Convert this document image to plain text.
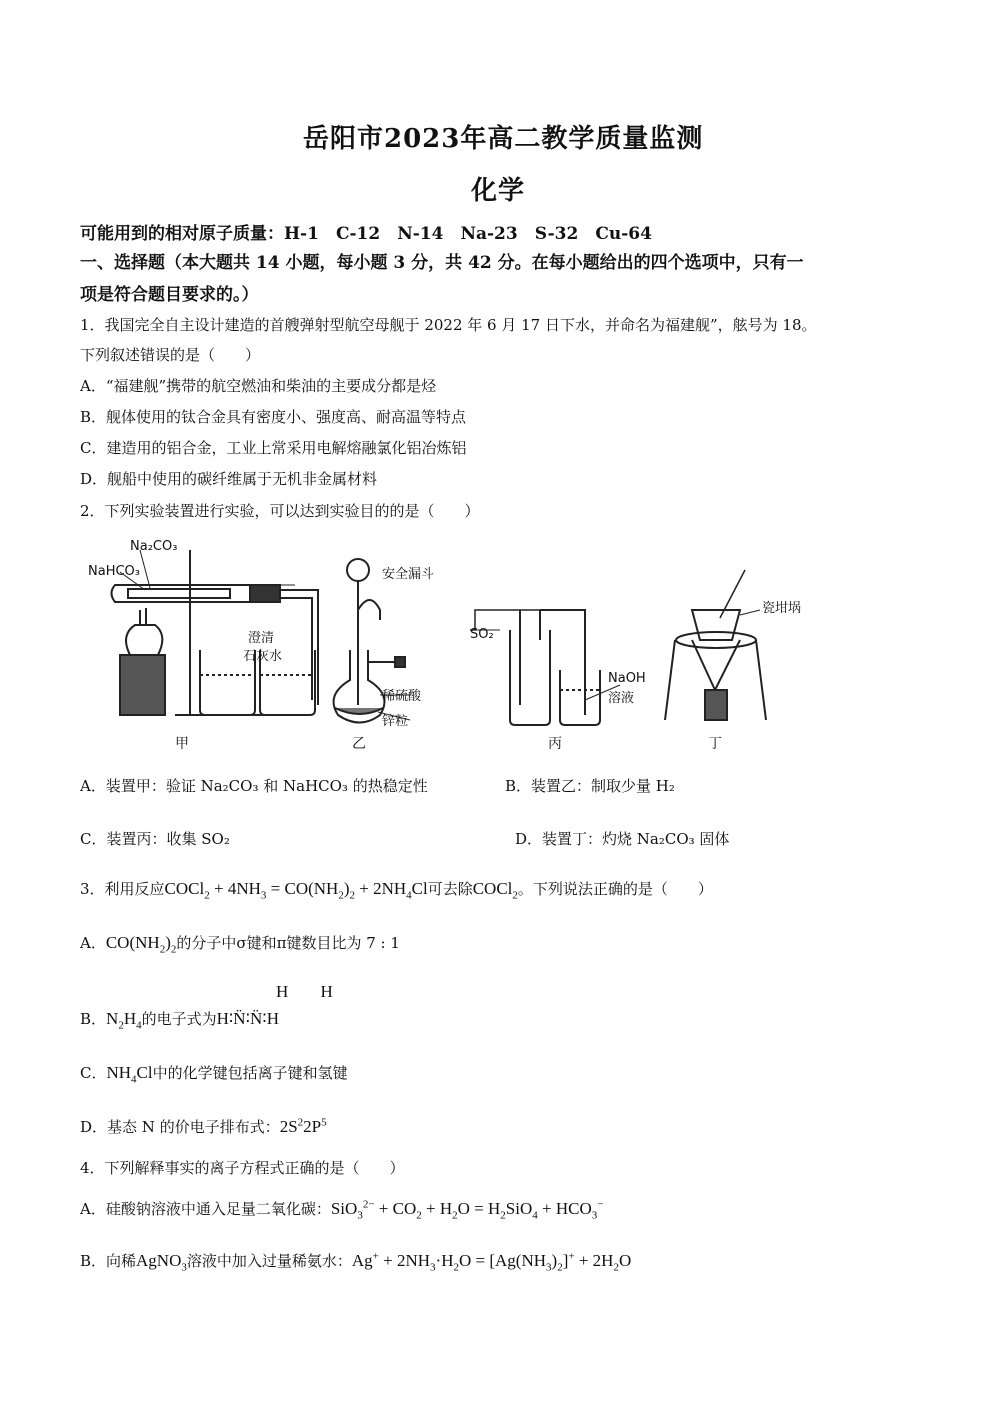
岳阳市2023年高二教学质量监测
化学
可能用到的相对原子质量：H-1　C-12　N-14　Na-23　S-32　Cu-64
一、选择题（本大题共 14 小题，每小题 3 分，共 42 分。在每小题给出的四个选项中，只有一
项是符合题目要求的。）
1．我国完全自主设计建造的首艘弹射型航空母舰于 2022 年 6 月 17 日下水，并命名为福建舰”，舷号为 18。
下列叙述错误的是（　　）
A．“福建舰”携带的航空燃油和柴油的主要成分都是烃
B．舰体使用的钛合金具有密度小、强度高、耐高温等特点
C．建造用的铝合金，工业上常采用电解熔融氯化铝冶炼铝
D．舰船中使用的碳纤维属于无机非金属材料
2．下列实验装置进行实验，可以达到实验目的的是（　　）
Na₂CO₃
NaHCO₃
澄清
石灰水
安全漏斗
稀硫酸
锌粒
SO₂
NaOH
溶液
瓷坩埚
甲	乙	丙	丁
A．装置甲：验证 Na₂CO₃ 和 NaHCO₃ 的热稳定性	B．装置乙：制取少量 H₂
C．装置丙：收集 SO₂	D．装置丁：灼烧 Na₂CO₃ 固体
3．利用反应COCl$_2$ + $4NH_3 = CO(NH_2)_2 + 2NH_4Cl$可去除COCl$_2$。下列说法正确的是（　　）
A．$CO(NH_2)_2$的分子中σ键和π键数目比为 7 : 1
H H
B．$N_2H_4$的电子式为H∶N̈∶N̈∶H
C．$NH_4Cl$中的化学键包括离子键和氢键
D．基态 N 的价电子排布式：$2S^22P^5$
4．下列解释事实的离子方程式正确的是（　　）
A．硅酸钠溶液中通入足量二氧化碳：$SiO_3^{2-} + CO_2 + H_2O = H_2SiO_4 + HCO_3^-$
B．向稀AgNO$_3$溶液中加入过量稀氨水：$Ag^+ + 2NH_3\cdot H_2O = [Ag(NH_3)_2]^+ + 2H_2O$
